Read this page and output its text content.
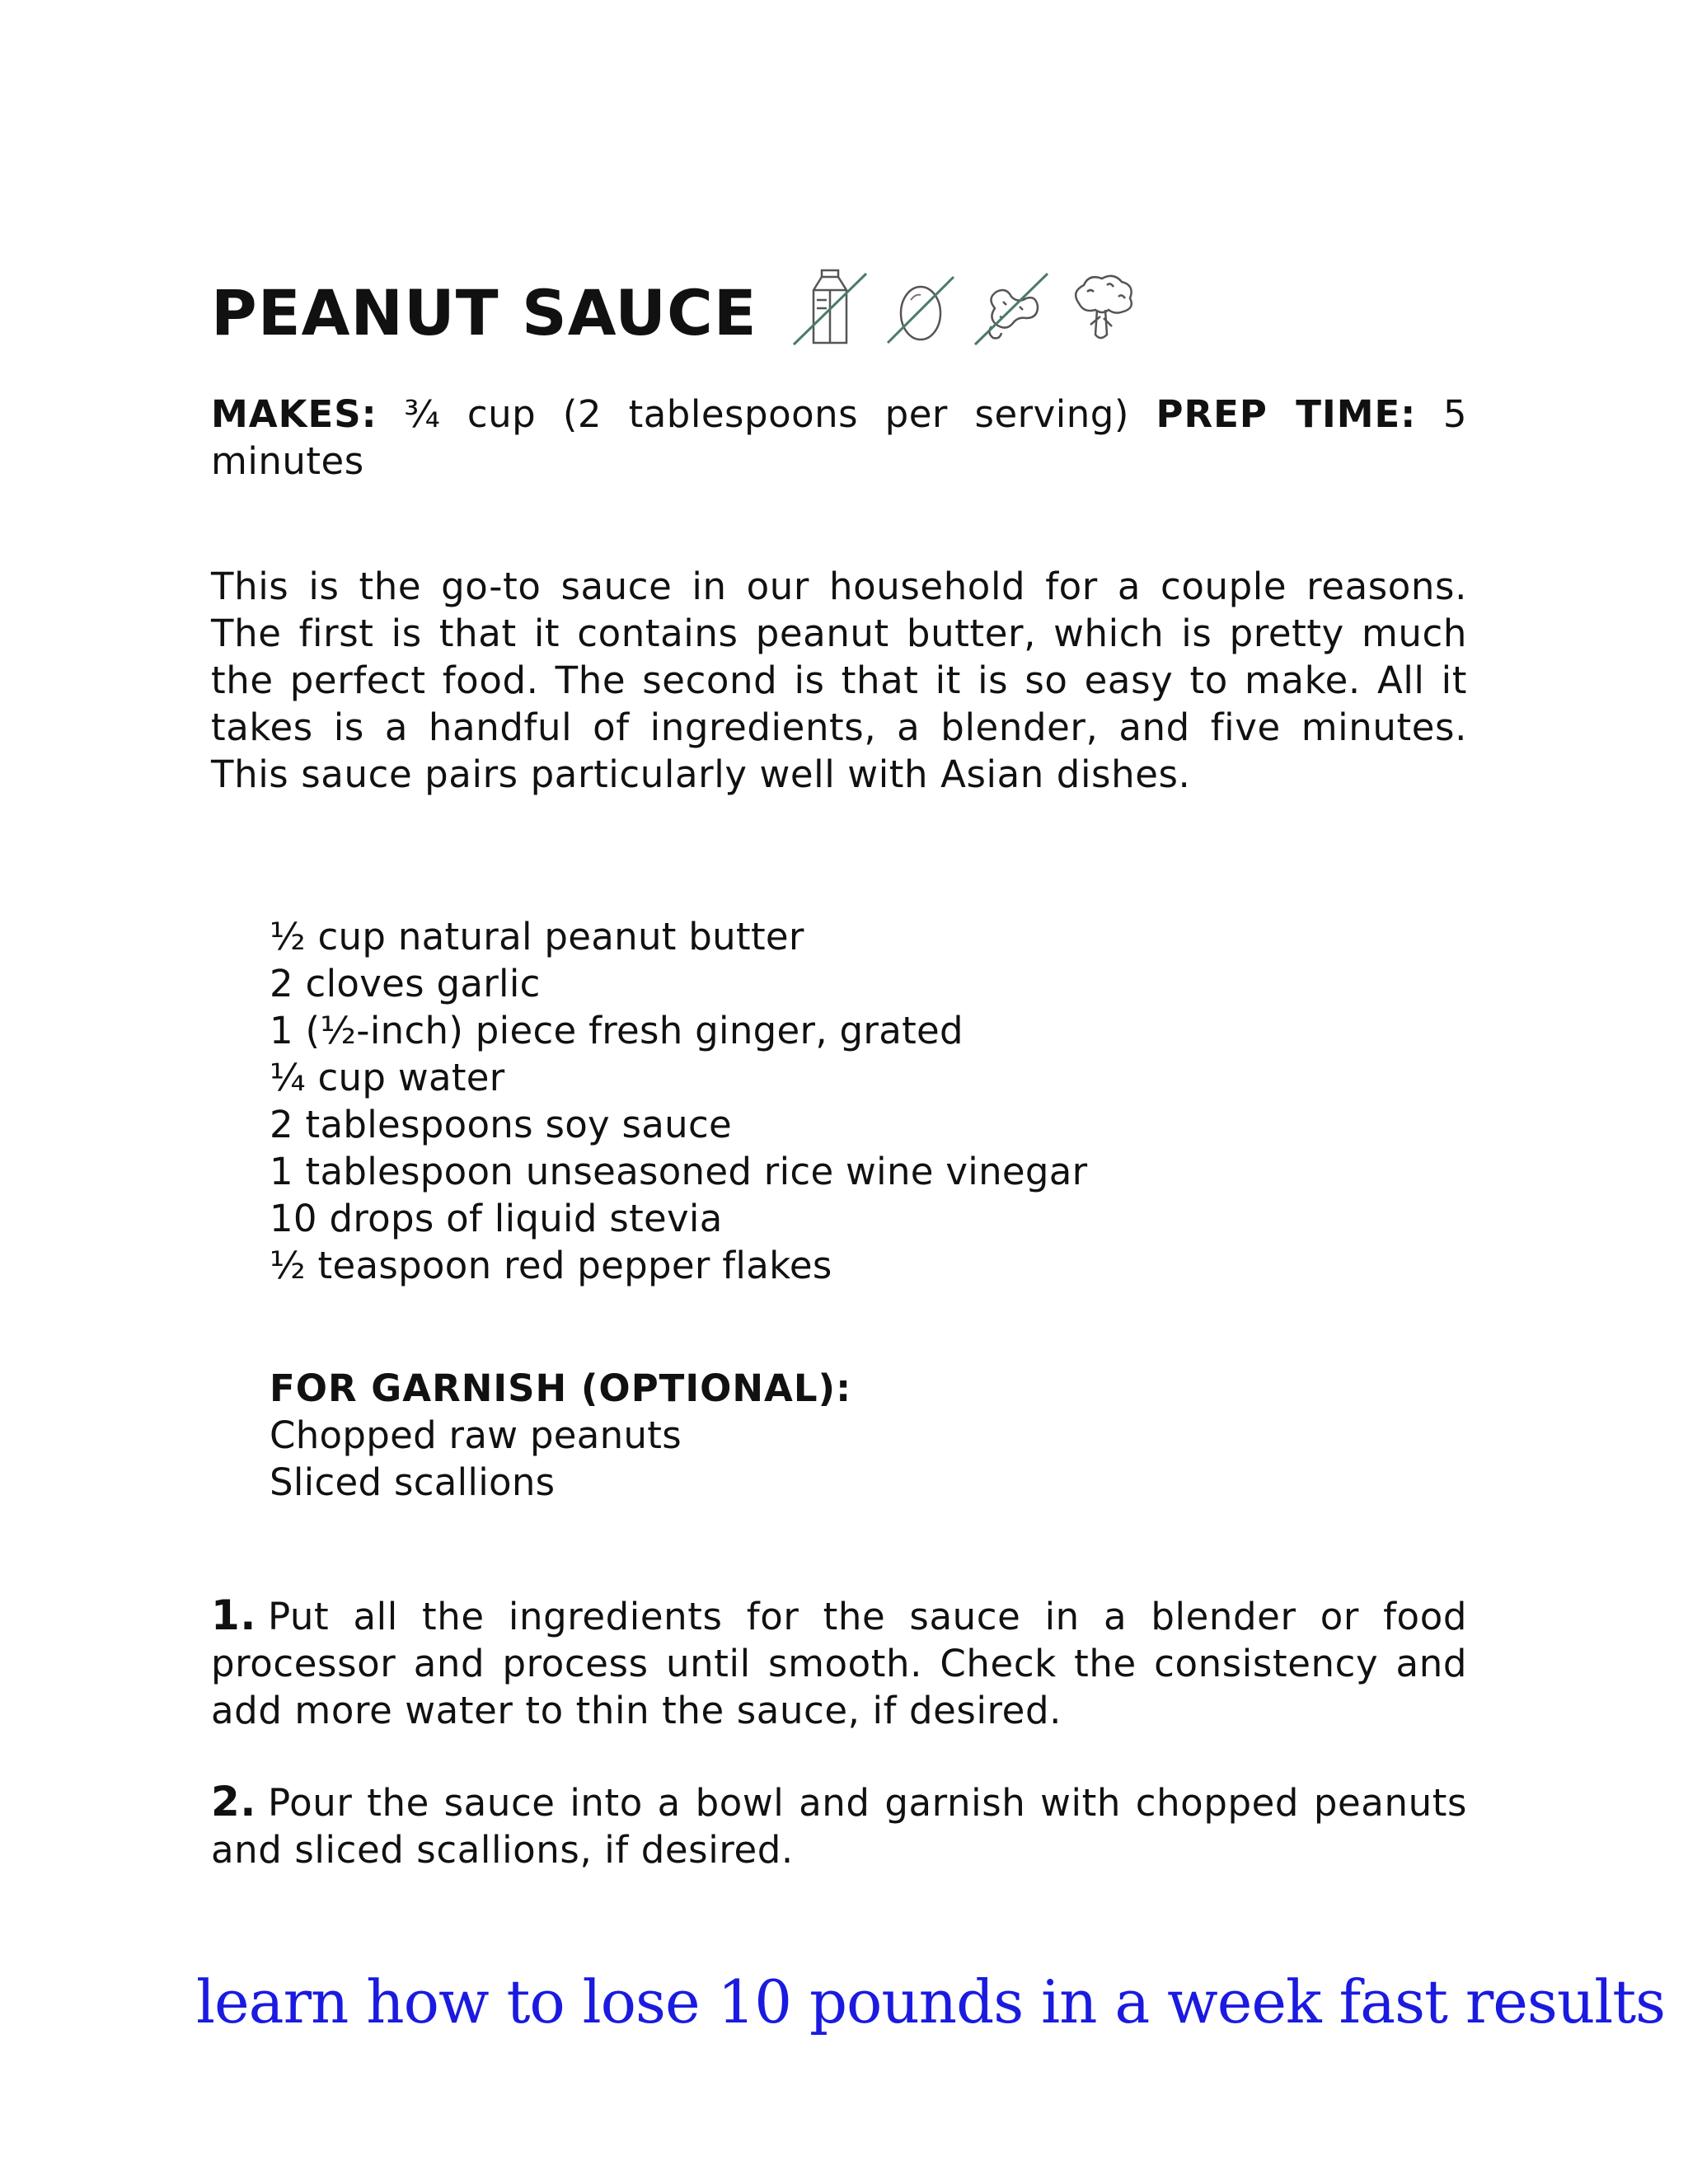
PEANUT SAUCE
MAKES: ¾ cup (2 tablespoons per serving) PREP TIME: 5 minutes

This is the go-to sauce in our household for a couple reasons. The first is that it contains peanut butter, which is pretty much the perfect food. The second is that it is so easy to make. All it takes is a handful of ingredients, a blender, and five minutes. This sauce pairs particularly well with Asian dishes.

½ cup natural peanut butter
2 cloves garlic
1 (½-inch) piece fresh ginger, grated
¼ cup water
2 tablespoons soy sauce
1 tablespoon unseasoned rice wine vinegar
10 drops of liquid stevia
½ teaspoon red pepper flakes
FOR GARNISH (OPTIONAL):
Chopped raw peanuts
Sliced scallions

1. Put all the ingredients for the sauce in a blender or food processor and process until smooth. Check the consistency and add more water to thin the sauce, if desired.

2. Pour the sauce into a bowl and garnish with chopped peanuts and sliced scallions, if desired.

learn how to lose 10 pounds in a week fast results
